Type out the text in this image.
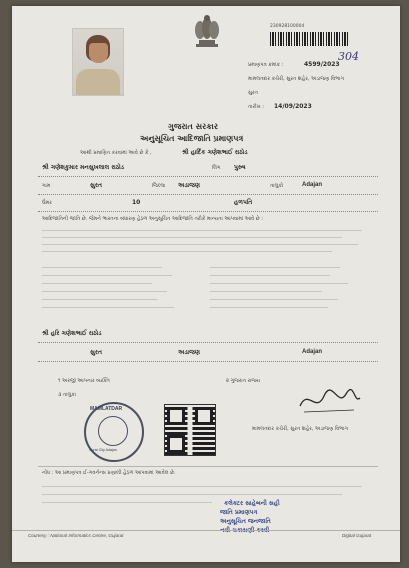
230928100004
પ્રમાણપત્ર ક્રમાંક :	4599/2023
304
મામલતદાર કચેરી, સુરત શહેર, અડાજણ વિભાગ
સુરત
તારીખ : 14/09/2023
ગુજરાત સરકાર
અનુસૂચિત આદિજાતિ પ્રમાણપત્ર
આથી પ્રમાણિત કરવામાં આવે છે કે ,	શ્રી હાર્દિક ગણેશભાઈ રાઠોડ
શ્રી ગણેશકુમાર મનસુખલાલ રાઠોડ	લિંગ પુરુષ
ગામ	સુરત	જિલ્લા અડાજણ	તાલુકો	Adajan
ઉંમર	10	હળપતિ
આદિજાતિની જાતિ છે. જેમને ભારતના બંધારણ હેઠળ અનુસૂચિત આદિજાતિ તરીકે માન્યતા આપવામાં આવે છે :
શ્રી હરિ ગણેશભાઈ રાઠોડ
સુરત	અડાજણ	Adajan
૧ અરજી આપનાર વ્યક્તિ	૨ ગુજરાત રાજ્ય
૩ તાલુકા
MAMLATDAR
Surat City Adajan
મામલતદાર કચેરી, સુરત શહેર, અડાજણ વિભાગ
નોંધ : આ પ્રમાણપત્ર ઈ-ગવર્નન્સ પ્રણાલી હેઠળ આપવામાં આવેલ છે.
કલેક્ટર સાહેબની સહી
જાતિ પ્રમાણપત્ર
અનુસૂચિત જનજાતિ
નવી ચકાસણી કરવી
Courtesy : National Informatics Centre, Gujarat	Digital Gujarat
